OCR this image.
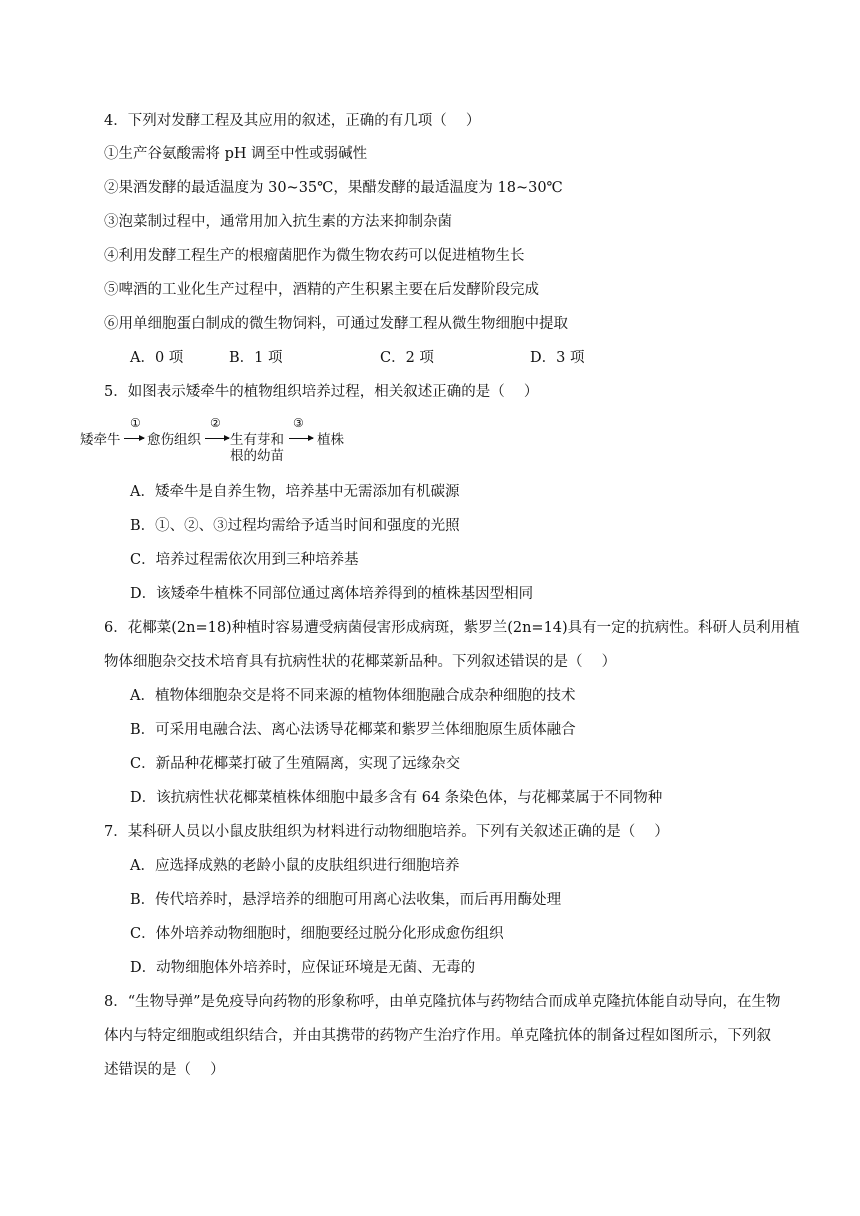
4．下列对发酵工程及其应用的叙述，正确的有几项（　 ）
①生产谷氨酸需将 pH 调至中性或弱碱性
②果酒发酵的最适温度为 30~35℃，果醋发酵的最适温度为 18~30℃
③泡菜制过程中，通常用加入抗生素的方法来抑制杂菌
④利用发酵工程生产的根瘤菌肥作为微生物农药可以促进植物生长
⑤啤酒的工业化生产过程中，酒精的产生积累主要在后发酵阶段完成
⑥用单细胞蛋白制成的微生物饲料，可通过发酵工程从微生物细胞中提取
A．0 项	B．1 项	C．2 项	D．3 项
5．如图表示矮牵牛的植物组织培养过程，相关叙述正确的是（　 ）
矮牵牛
①
愈伤组织
②
生有芽和
根的幼苗
③
植株
A．矮牵牛是自养生物，培养基中无需添加有机碳源
B．①、②、③过程均需给予适当时间和强度的光照
C．培养过程需依次用到三种培养基
D．该矮牵牛植株不同部位通过离体培养得到的植株基因型相同
6．花椰菜(2n=18)种植时容易遭受病菌侵害形成病斑，紫罗兰(2n=14)具有一定的抗病性。科研人员利用植
物体细胞杂交技术培育具有抗病性状的花椰菜新品种。下列叙述错误的是（　 ）
A．植物体细胞杂交是将不同来源的植物体细胞融合成杂种细胞的技术
B．可采用电融合法、离心法诱导花椰菜和紫罗兰体细胞原生质体融合
C．新品种花椰菜打破了生殖隔离，实现了远缘杂交
D．该抗病性状花椰菜植株体细胞中最多含有 64 条染色体，与花椰菜属于不同物种
7．某科研人员以小鼠皮肤组织为材料进行动物细胞培养。下列有关叙述正确的是（　 ）
A．应选择成熟的老龄小鼠的皮肤组织进行细胞培养
B．传代培养时，悬浮培养的细胞可用离心法收集，而后再用酶处理
C．体外培养动物细胞时，细胞要经过脱分化形成愈伤组织
D．动物细胞体外培养时，应保证环境是无菌、无毒的
8．“生物导弹”是免疫导向药物的形象称呼，由单克隆抗体与药物结合而成单克隆抗体能自动导向，在生物
体内与特定细胞或组织结合，并由其携带的药物产生治疗作用。单克隆抗体的制备过程如图所示，下列叙
述错误的是（　 ）
